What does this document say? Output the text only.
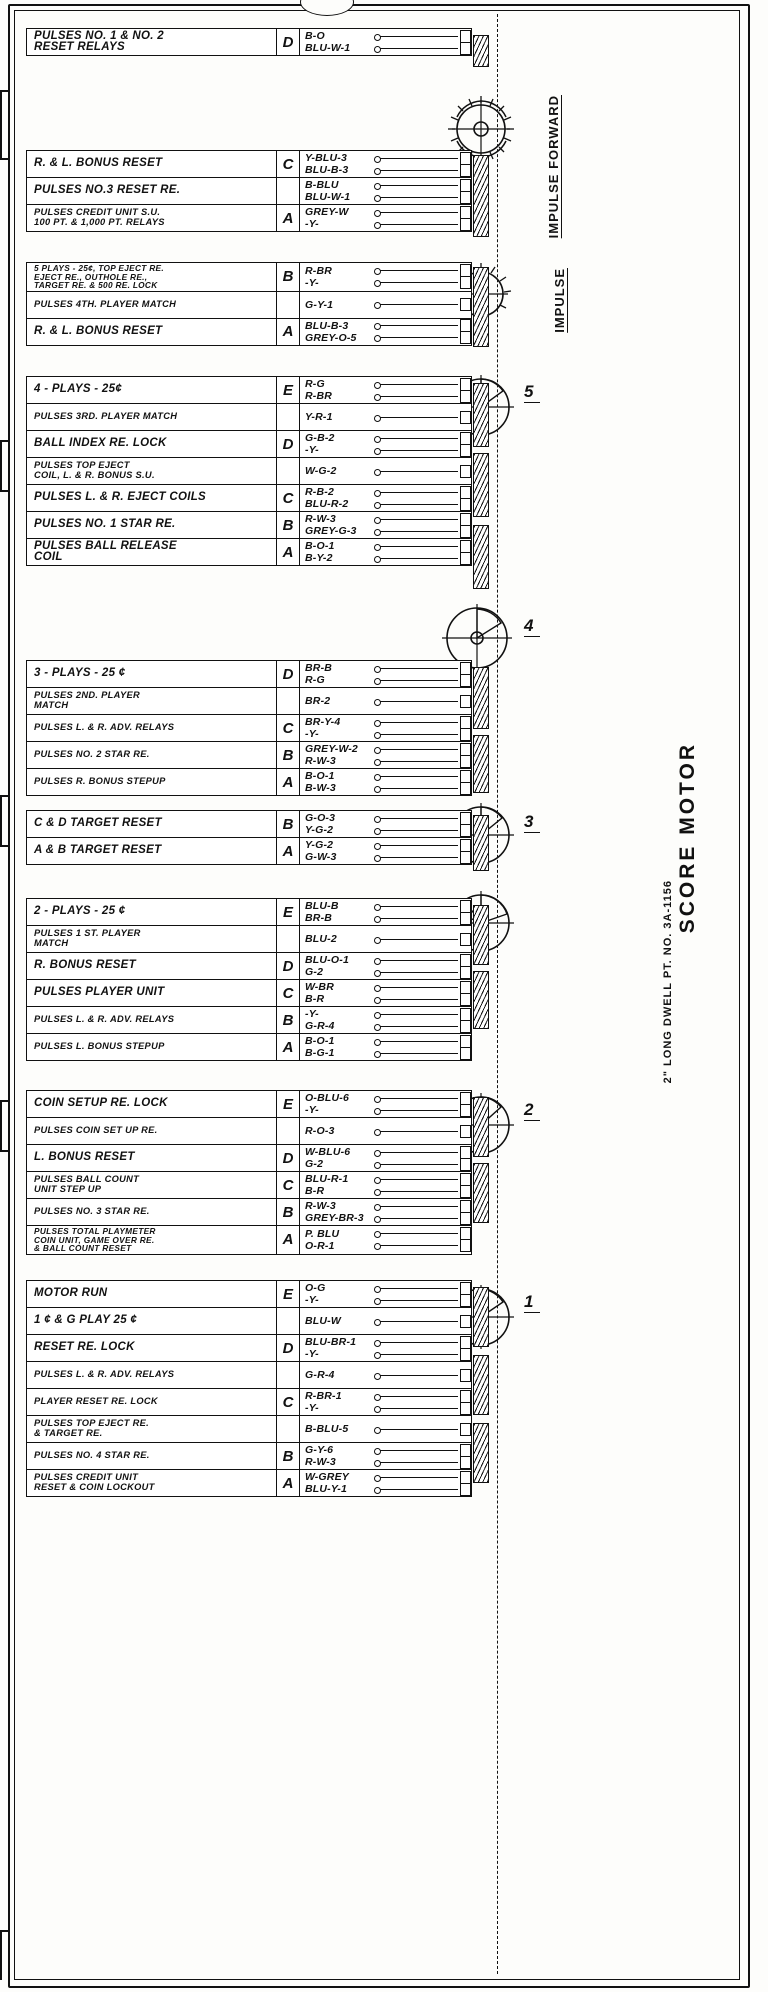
SCORE MOTOR
IMPULSE FORWARD
IMPULSE
2" LONG DWELL PT. NO. 3A-1156
5
4
3
2
1
PULSES NO. 1 & NO. 2
RESET RELAYS	D	B-O
BLU-W-1
R. & L. BONUS RESET	C	Y-BLU-3
BLU-B-3
PULSES NO.3 RESET RE.	B-BLU
BLU-W-1
PULSES CREDIT UNIT S.U.
100 PT. & 1,000 PT. RELAYS	A	GREY-W
-Y-
5 PLAYS - 25¢, TOP EJECT RE.
EJECT RE., OUTHOLE RE.,
TARGET RE. & 500 RE. LOCK	B	R-BR
-Y-
PULSES 4TH. PLAYER MATCH	G-Y-1
R. & L. BONUS RESET	A	BLU-B-3
GREY-O-5
4 - PLAYS - 25¢	E	R-G
R-BR
PULSES 3RD. PLAYER MATCH	Y-R-1
BALL INDEX RE. LOCK	D	G-B-2
-Y-
PULSES TOP EJECT
COIL, L. & R. BONUS S.U.	W-G-2
PULSES L. & R. EJECT COILS	C	R-B-2
BLU-R-2
PULSES NO. 1 STAR RE.	B	R-W-3
GREY-G-3
PULSES BALL RELEASE
COIL	A	B-O-1
B-Y-2
3 - PLAYS - 25 ¢	D	BR-B
R-G
PULSES 2ND. PLAYER
MATCH	BR-2
PULSES L. & R. ADV. RELAYS	C	BR-Y-4
-Y-
PULSES NO. 2 STAR RE.	B	GREY-W-2
R-W-3
PULSES R. BONUS STEPUP	A	B-O-1
B-W-3
C & D TARGET RESET	B	G-O-3
Y-G-2
A & B TARGET RESET	A	Y-G-2
G-W-3
2 - PLAYS - 25 ¢	E	BLU-B
BR-B
PULSES 1 ST. PLAYER
MATCH	BLU-2
R. BONUS RESET	D	BLU-O-1
G-2
PULSES PLAYER UNIT	C	W-BR
B-R
PULSES L. & R. ADV. RELAYS	B	-Y-
G-R-4
PULSES L. BONUS STEPUP	A	B-O-1
B-G-1
COIN SETUP RE. LOCK	E	O-BLU-6
-Y-
PULSES COIN SET UP RE.	R-O-3
L. BONUS RESET	D	W-BLU-6
G-2
PULSES BALL COUNT
UNIT STEP UP	C	BLU-R-1
B-R
PULSES NO. 3 STAR RE.	B	R-W-3
GREY-BR-3
PULSES TOTAL PLAYMETER
COIN UNIT, GAME OVER RE.
& BALL COUNT RESET	A	P. BLU
O-R-1
MOTOR RUN	E	O-G
-Y-
1 ¢ & G PLAY 25 ¢	BLU-W
RESET RE. LOCK	D	BLU-BR-1
-Y-
PULSES L. & R. ADV. RELAYS	G-R-4
PLAYER RESET RE. LOCK	C	R-BR-1
-Y-
PULSES TOP EJECT RE.
& TARGET RE.	B-BLU-5
PULSES NO. 4 STAR RE.	B	G-Y-6
R-W-3
PULSES CREDIT UNIT
RESET & COIN LOCKOUT	A	W-GREY
BLU-Y-1
